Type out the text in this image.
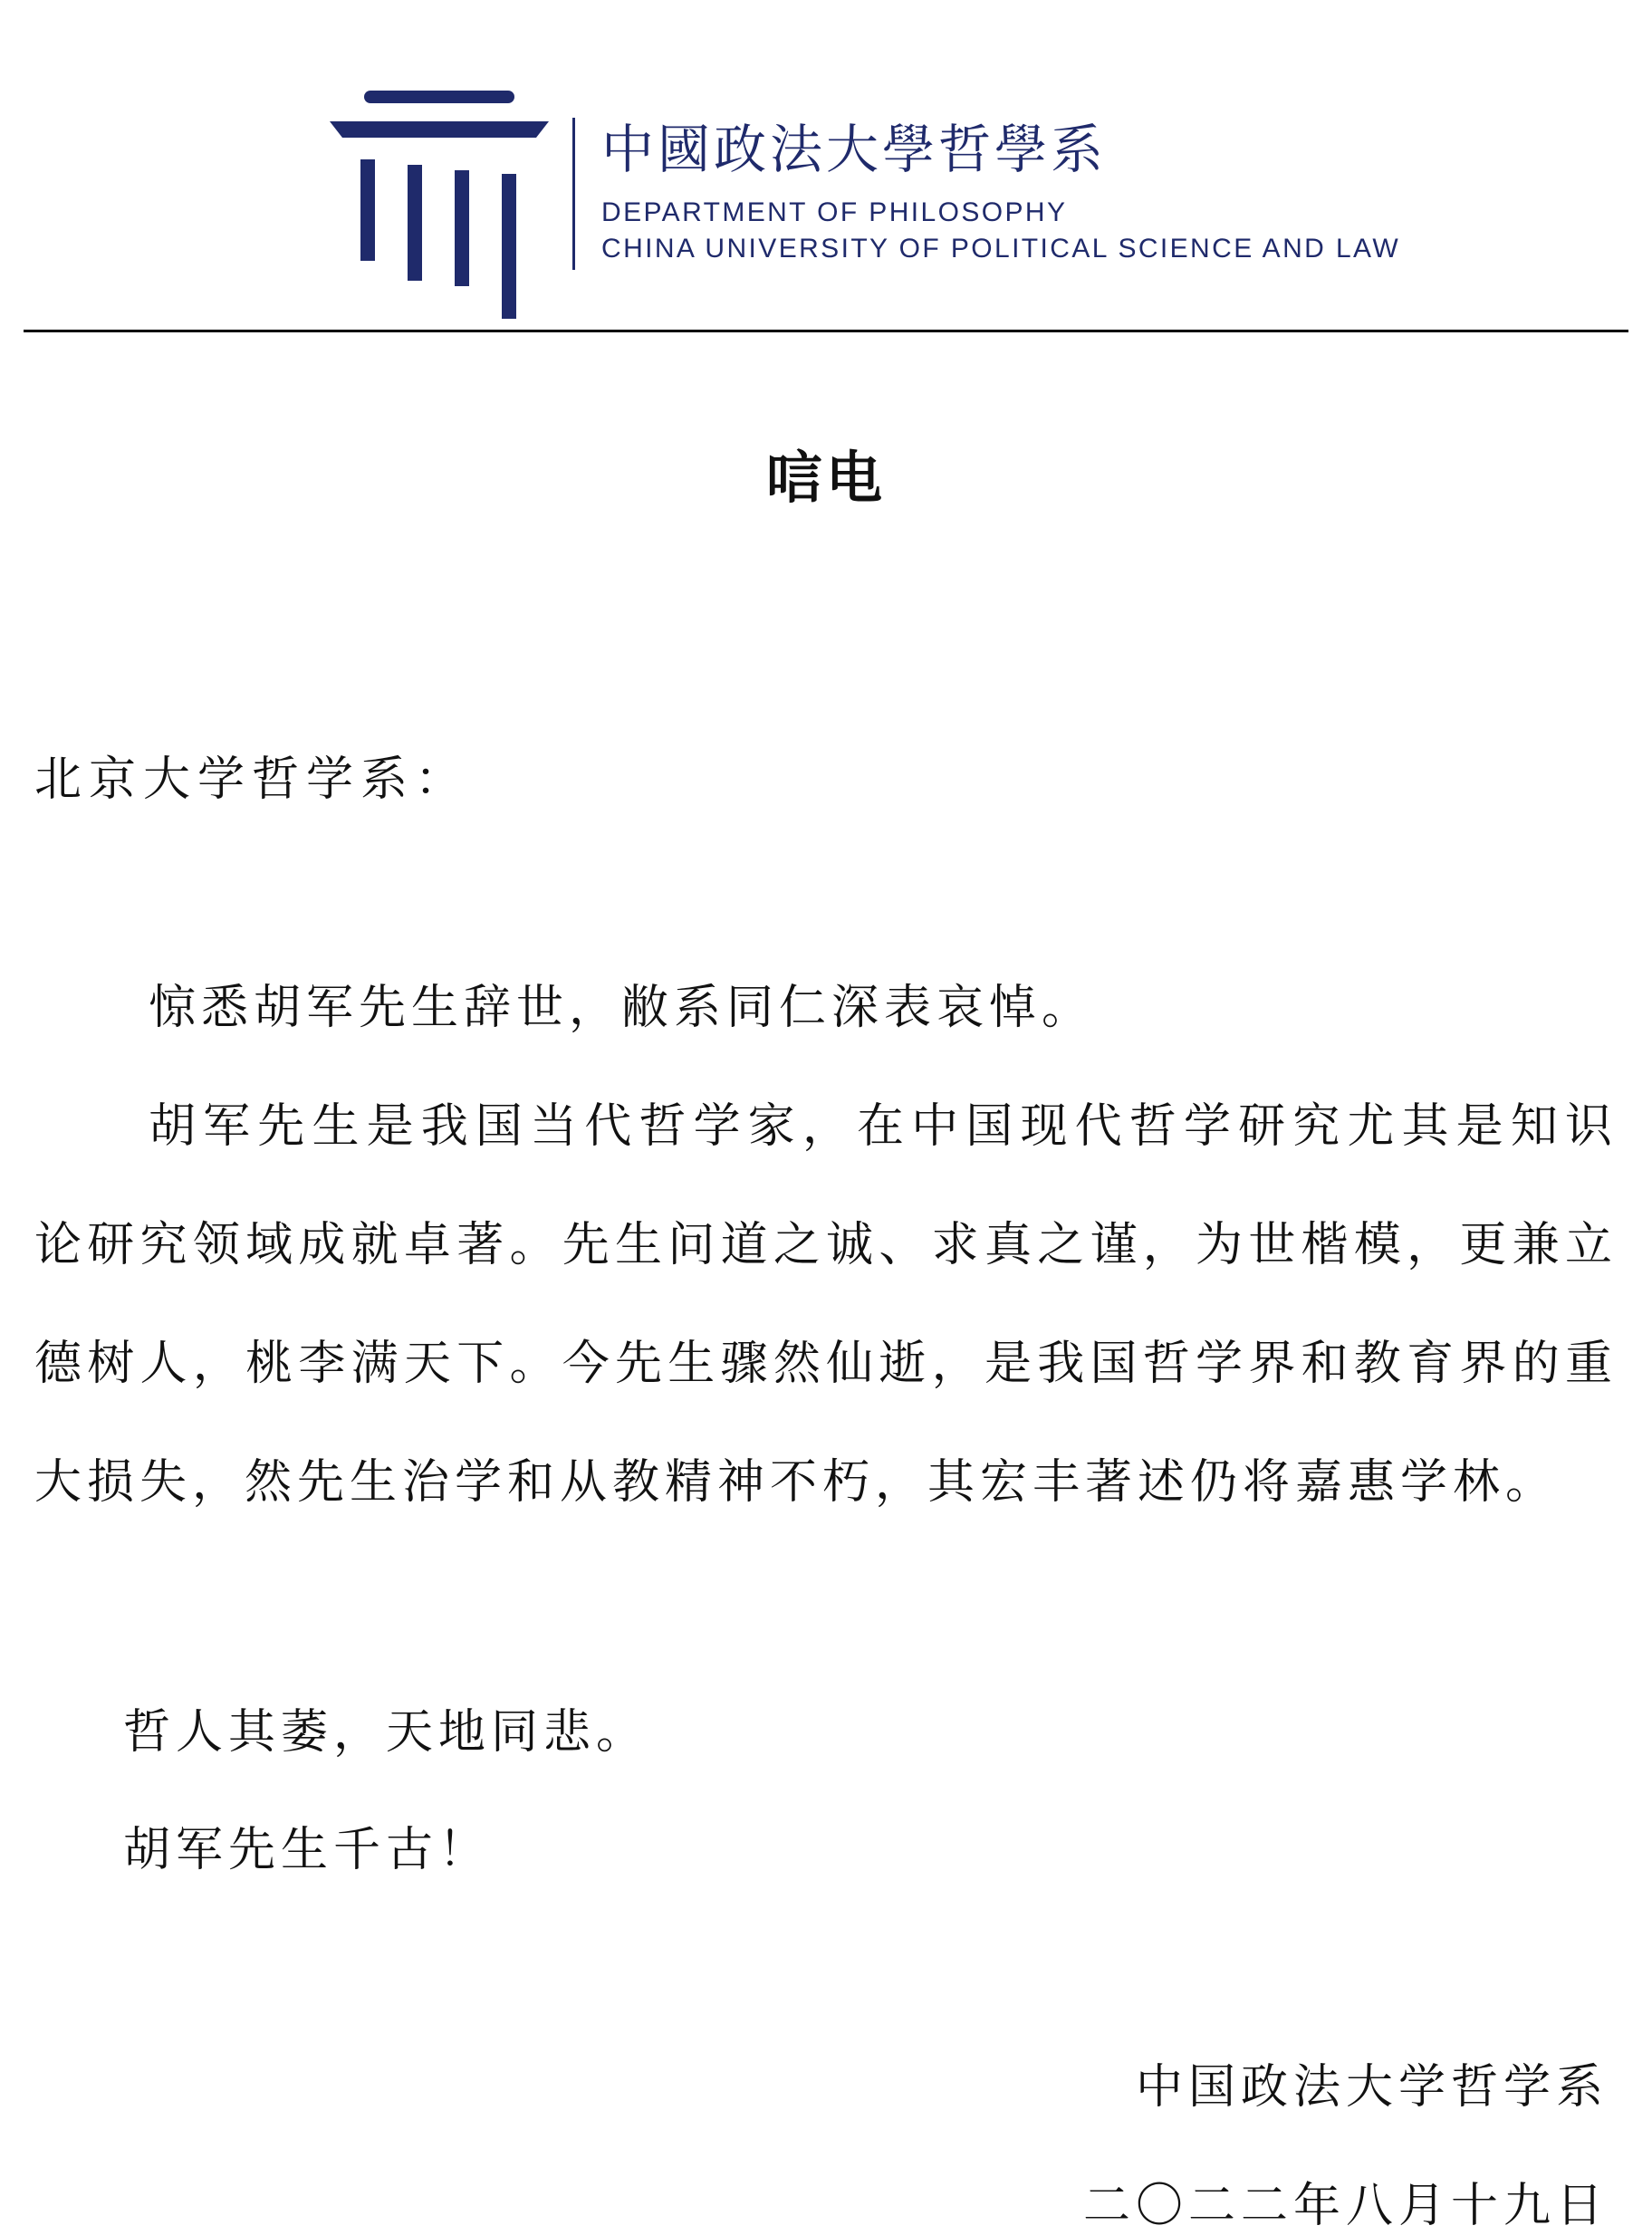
中國政法大學哲學系
DEPARTMENT OF PHILOSOPHY
CHINA UNIVERSITY OF POLITICAL SCIENCE AND LAW
唁电
北京大学哲学系：

惊悉胡军先生辞世，敝系同仁深表哀悼。

胡军先生是我国当代哲学家，在中国现代哲学研究尤其是知识论研究领域成就卓著。先生问道之诚、求真之谨，为世楷模，更兼立德树人，桃李满天下。今先生骤然仙逝，是我国哲学界和教育界的重大损失，然先生治学和从教精神不朽，其宏丰著述仍将嘉惠学林。

哲人其萎，天地同悲。
胡军先生千古！
中国政法大学哲学系
二〇二二年八月十九日
